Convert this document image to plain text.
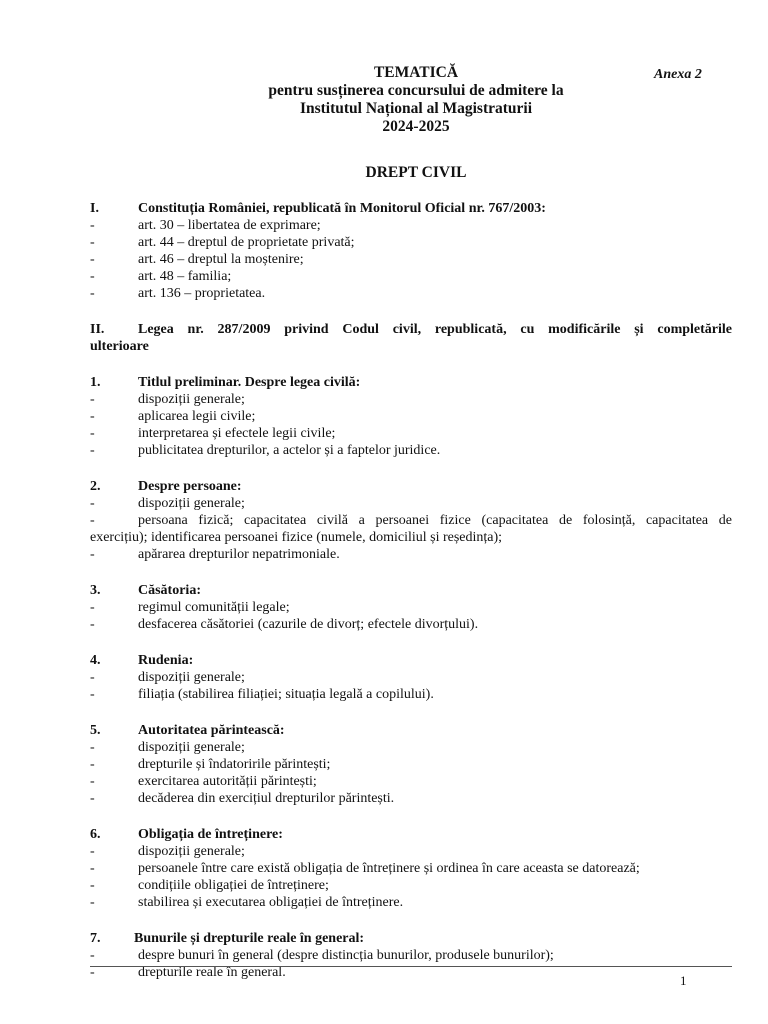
Anexa 2
TEMATICĂ
pentru susținerea concursului de admitere la
Institutul Național al Magistraturii
2024-2025
DREPT CIVIL
I.	Constituția României, republicată în Monitorul Oficial nr. 767/2003:
-	art. 30 – libertatea de exprimare;
-	art. 44 – dreptul de proprietate privată;
-	art. 46 – dreptul la moștenire;
-	art. 48 – familia;
-	art. 136 – proprietatea.
II. Legea nr. 287/2009 privind Codul civil, republicată, cu modificările și completările
ulterioare
1.	Titlul preliminar. Despre legea civilă:
-	dispoziții generale;
-	aplicarea legii civile;
-	interpretarea și efectele legii civile;
-	publicitatea drepturilor, a actelor și a faptelor juridice.
2.	Despre persoane:
-	dispoziții generale;
-	persoana fizică; capacitatea civilă a persoanei fizice (capacitatea de folosință, capacitatea de
exercițiu); identificarea persoanei fizice (numele, domiciliul și reședința);
-	apărarea drepturilor nepatrimoniale.
3.	Căsătoria:
-	regimul comunității legale;
-	desfacerea căsătoriei (cazurile de divorț; efectele divorțului).
4.	Rudenia:
-	dispoziții generale;
-	filiația (stabilirea filiației; situația legală a copilului).
5.	Autoritatea părintească:
-	dispoziții generale;
-	drepturile și îndatoririle părintești;
-	exercitarea autorității părintești;
-	decăderea din exercițiul drepturilor părintești.
6.	Obligația de întreținere:
-	dispoziții generale;
-	persoanele între care există obligația de întreținere și ordinea în care aceasta se datorează;
-	condițiile obligației de întreținere;
-	stabilirea și executarea obligației de întreținere.
7. Bunurile și drepturile reale în general:
-	despre bunuri în general (despre distincția bunurilor, produsele bunurilor);
-	drepturile reale în general.
1
